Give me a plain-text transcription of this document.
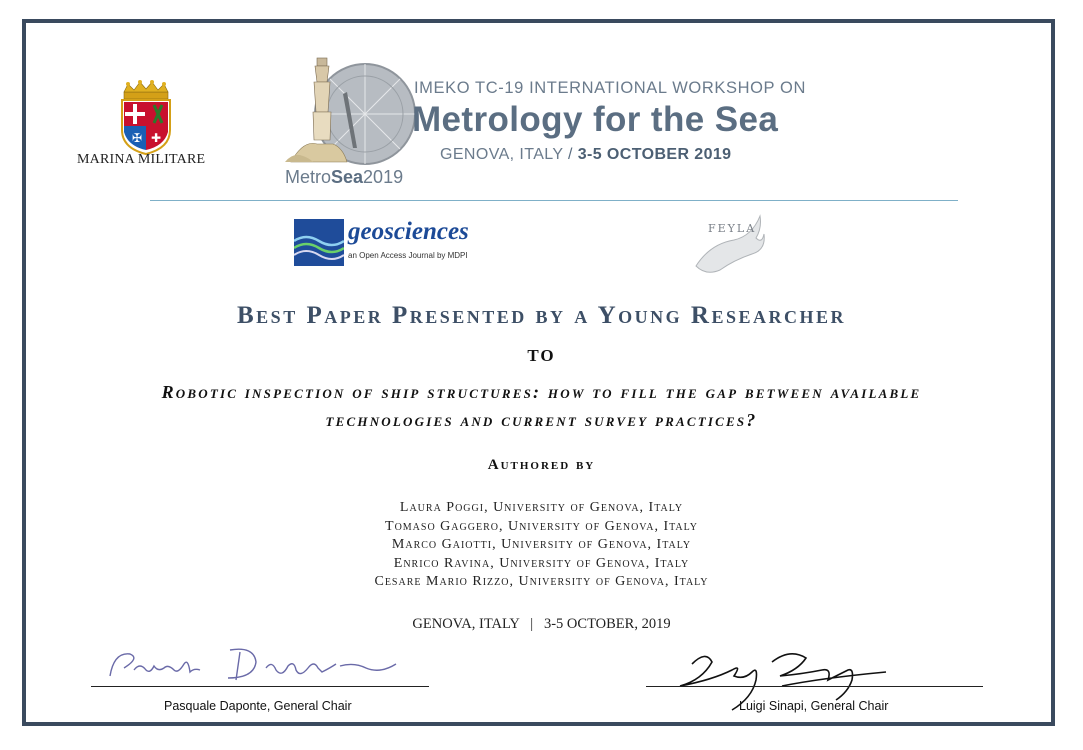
✠ ✚
MARINA MILITARE
MetroSea2019
IMEKO TC-19 INTERNATIONAL WORKSHOP ON
Metrology for the Sea
GENOVA, ITALY / 3-5 OCTOBER 2019
geosciences
an Open Access Journal by MDPI
FEYLA
Best Paper Presented by a Young Researcher
TO
Robotic inspection of ship structures: how to fill the gap between available
technologies and current survey practices?
Authored by
Laura Poggi, University of Genova, Italy
Tomaso Gaggero, University of Genova, Italy
Marco Gaiotti, University of Genova, Italy
Enrico Ravina, University of Genova, Italy
Cesare Mario Rizzo, University of Genova, Italy
GENOVA, ITALY   |   3-5 OCTOBER, 2019
Pasquale Daponte, General Chair	Luigi Sinapi, General Chair
